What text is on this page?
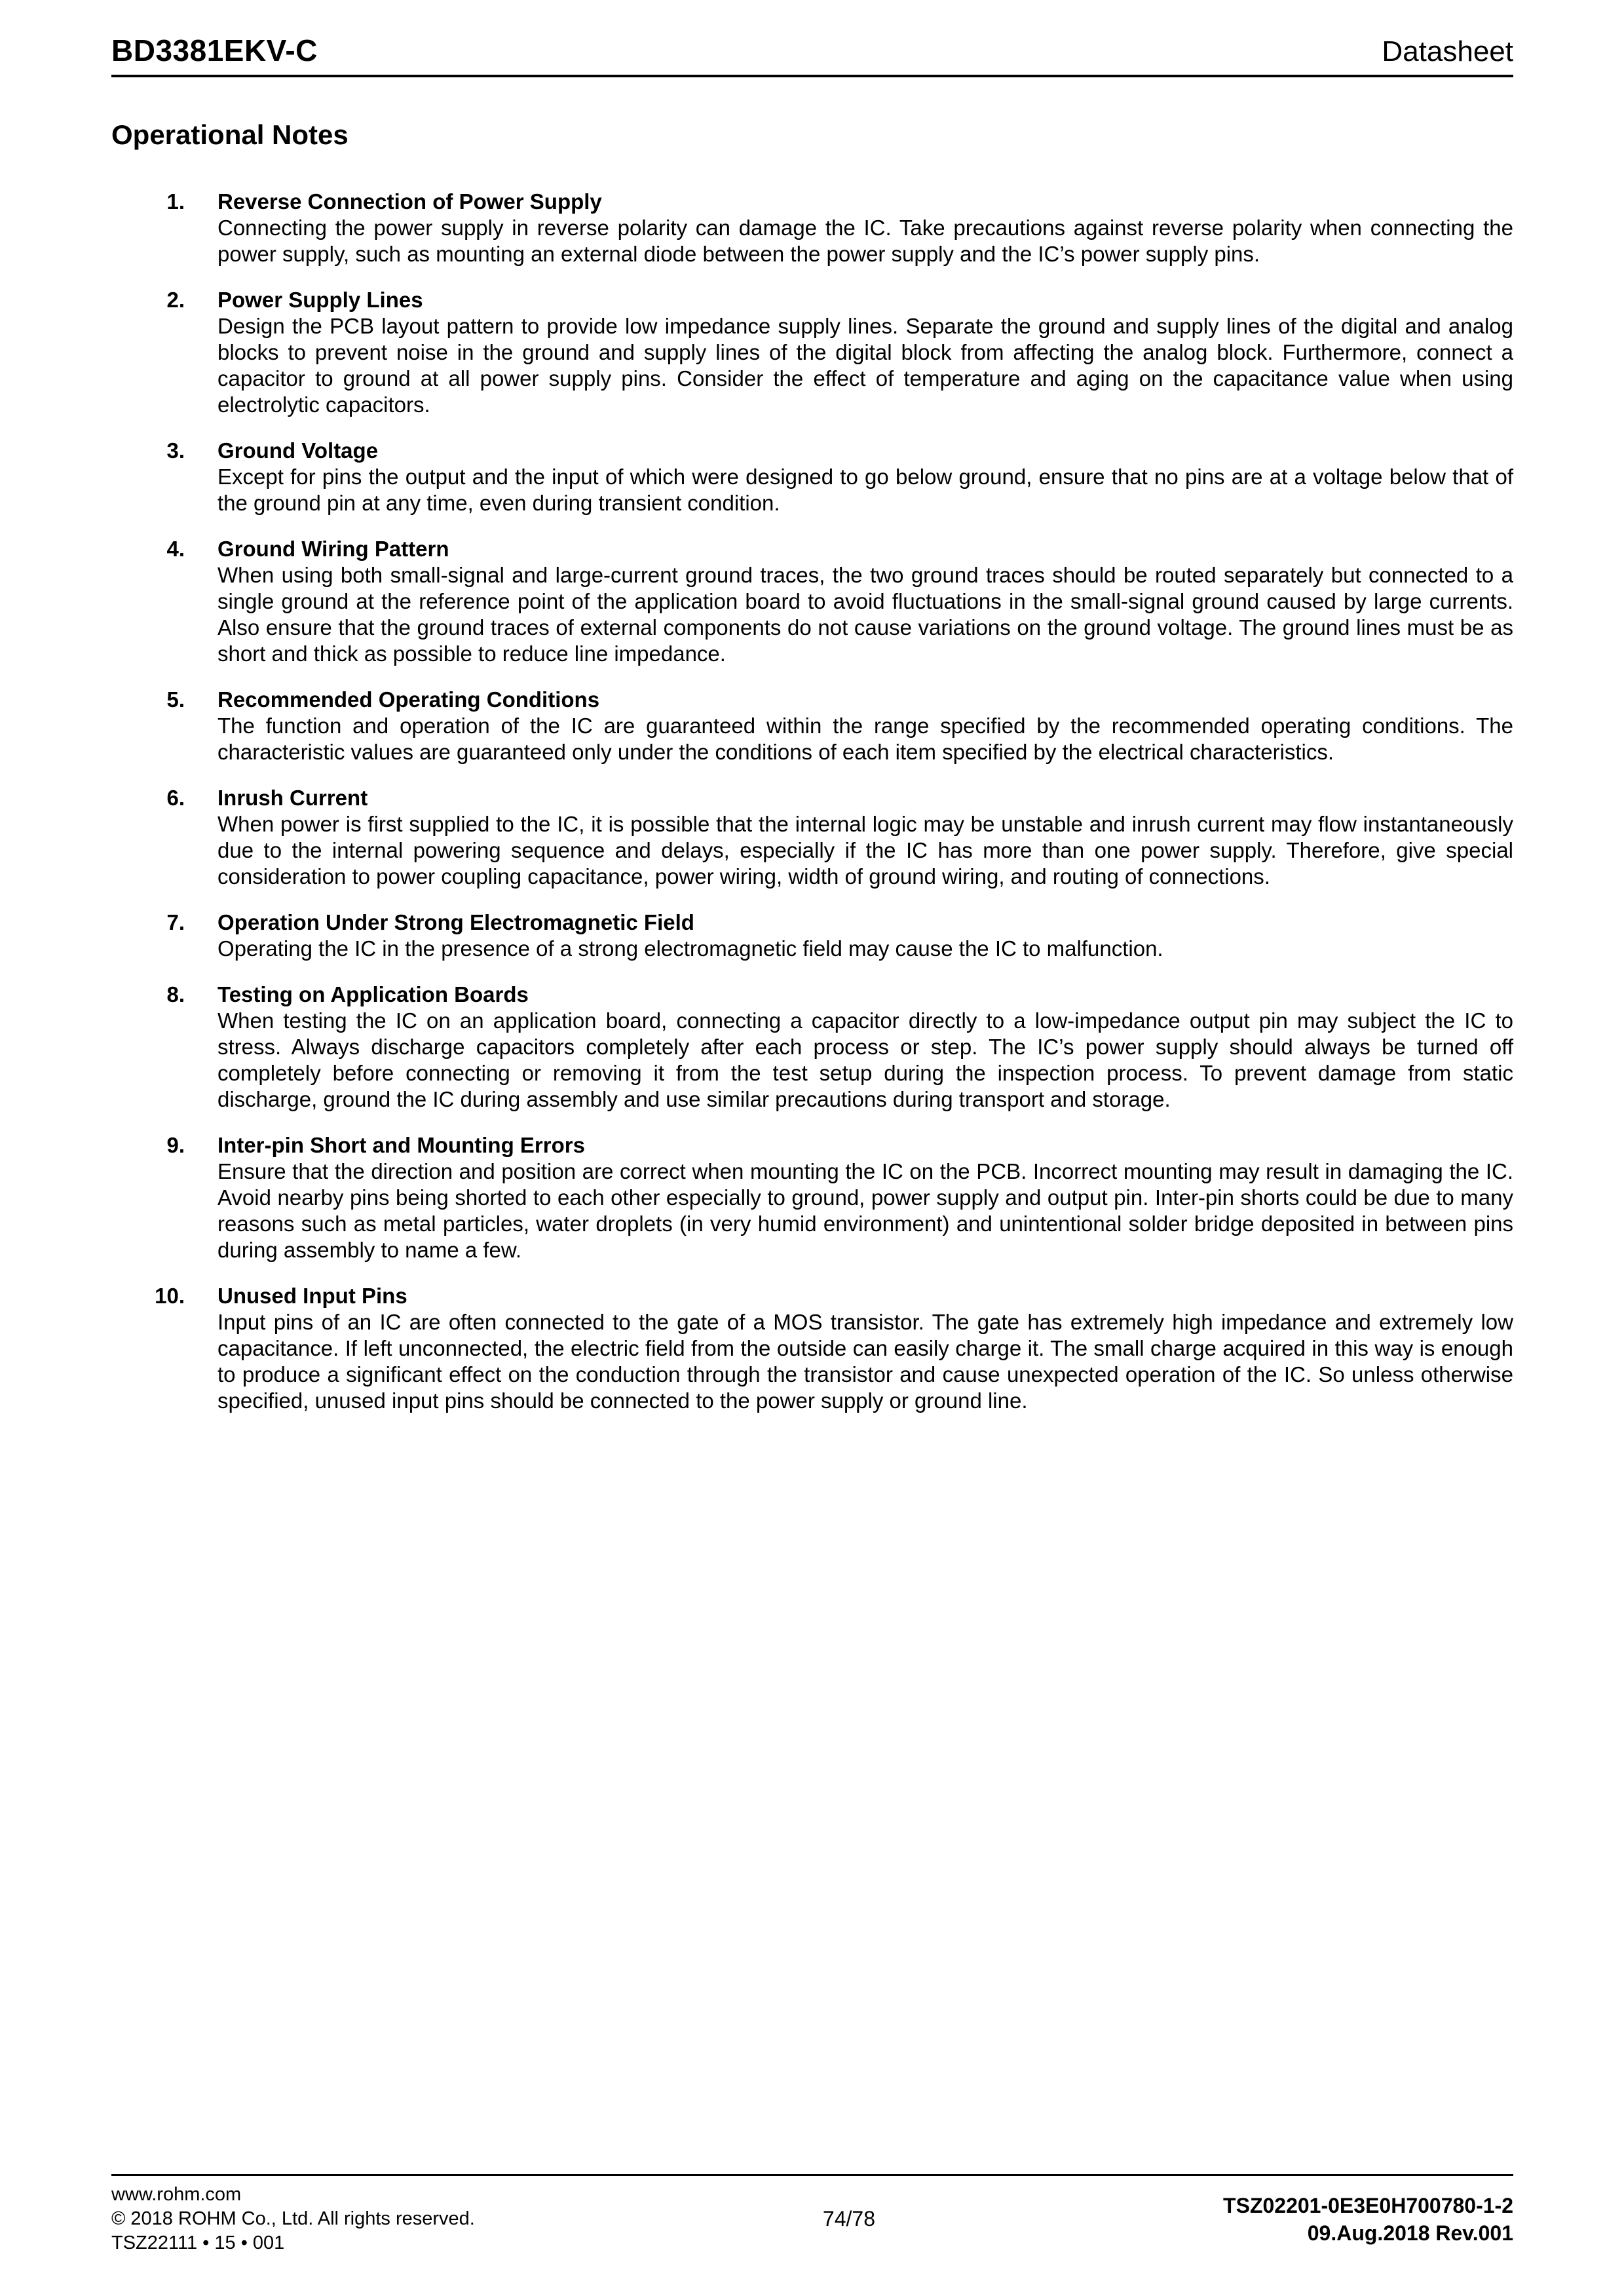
BD3381EKV-C	Datasheet
Operational Notes
1.	Reverse Connection of Power Supply
Connecting the power supply in reverse polarity can damage the IC. Take precautions against reverse polarity when connecting the power supply, such as mounting an external diode between the power supply and the IC’s power supply pins.
2.	Power Supply Lines
Design the PCB layout pattern to provide low impedance supply lines. Separate the ground and supply lines of the digital and analog blocks to prevent noise in the ground and supply lines of the digital block from affecting the analog block. Furthermore, connect a capacitor to ground at all power supply pins. Consider the effect of temperature and aging on the capacitance value when using electrolytic capacitors.
3.	Ground Voltage
Except for pins the output and the input of which were designed to go below ground, ensure that no pins are at a voltage below that of the ground pin at any time, even during transient condition.
4.	Ground Wiring Pattern
When using both small-signal and large-current ground traces, the two ground traces should be routed separately but connected to a single ground at the reference point of the application board to avoid fluctuations in the small-signal ground caused by large currents. Also ensure that the ground traces of external components do not cause variations on the ground voltage. The ground lines must be as short and thick as possible to reduce line impedance.
5.	Recommended Operating Conditions
The function and operation of the IC are guaranteed within the range specified by the recommended operating conditions. The characteristic values are guaranteed only under the conditions of each item specified by the electrical characteristics.
6.	Inrush Current
When power is first supplied to the IC, it is possible that the internal logic may be unstable and inrush current may flow instantaneously due to the internal powering sequence and delays, especially if the IC has more than one power supply. Therefore, give special consideration to power coupling capacitance, power wiring, width of ground wiring, and routing of connections.
7.	Operation Under Strong Electromagnetic Field
Operating the IC in the presence of a strong electromagnetic field may cause the IC to malfunction.
8.	Testing on Application Boards
When testing the IC on an application board, connecting a capacitor directly to a low-impedance output pin may subject the IC to stress. Always discharge capacitors completely after each process or step. The IC’s power supply should always be turned off completely before connecting or removing it from the test setup during the inspection process. To prevent damage from static discharge, ground the IC during assembly and use similar precautions during transport and storage.
9.	Inter-pin Short and Mounting Errors
Ensure that the direction and position are correct when mounting the IC on the PCB. Incorrect mounting may result in damaging the IC. Avoid nearby pins being shorted to each other especially to ground, power supply and output pin. Inter-pin shorts could be due to many reasons such as metal particles, water droplets (in very humid environment) and unintentional solder bridge deposited in between pins during assembly to name a few.
10.	Unused Input Pins
Input pins of an IC are often connected to the gate of a MOS transistor. The gate has extremely high impedance and extremely low capacitance. If left unconnected, the electric field from the outside can easily charge it. The small charge acquired in this way is enough to produce a significant effect on the conduction through the transistor and cause unexpected operation of the IC. So unless otherwise specified, unused input pins should be connected to the power supply or ground line.
www.rohm.com
© 2018 ROHM Co., Ltd. All rights reserved.
TSZ22111 • 15 • 001
74/78
TSZ02201-0E3E0H700780-1-2
09.Aug.2018 Rev.001
